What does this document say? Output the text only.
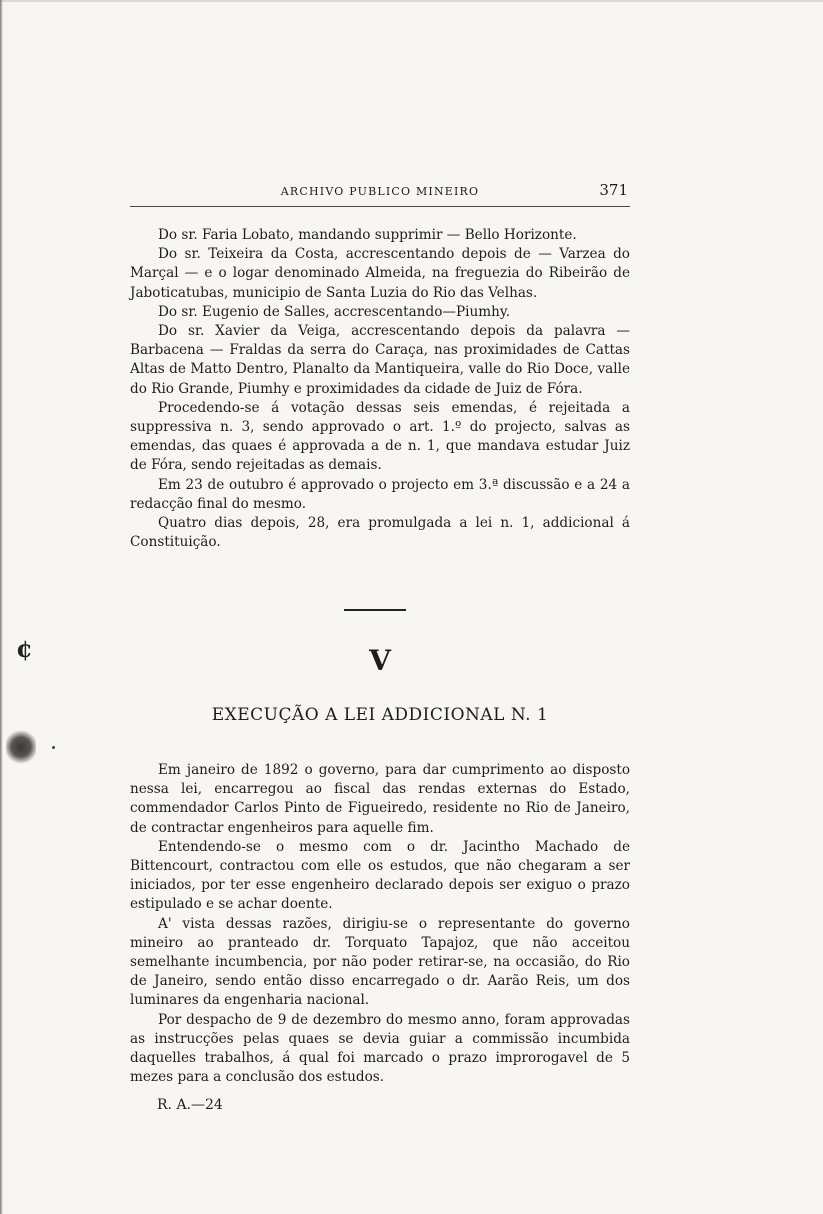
ARCHIVO PUBLICO MINEIRO	371

Do sr. Faria Lobato, mandando supprimir — Bello Horizonte.

Do sr. Teixeira da Costa, accrescentando depois de — Varzea do Marçal — e o logar denominado Almeida, na freguezia do Ribeirão de Jaboticatubas, municipio de Santa Luzia do Rio das Velhas.

Do sr. Eugenio de Salles, accrescentando—Piumhy.

Do sr. Xavier da Veiga, accrescentando depois da palavra — Barbacena — Fraldas da serra do Caraça, nas proximidades de Cattas Altas de Matto Dentro, Planalto da Mantiqueira, valle do Rio Doce, valle do Rio Grande, Piumhy e proximidades da cidade de Juiz de Fóra.

Procedendo-se á votação dessas seis emendas, é rejeitada a suppressiva n. 3, sendo approvado o art. 1.º do projecto, salvas as emendas, das quaes é approvada a de n. 1, que mandava estudar Juiz de Fóra, sendo rejeitadas as demais.

Em 23 de outubro é approvado o projecto em 3.ª discussão e a 24 a redacção final do mesmo.

Quatro dias depois, 28, era promulgada a lei n. 1, addicional á Constituição.

V
EXECUÇÃO A LEI ADDICIONAL N. 1

Em janeiro de 1892 o governo, para dar cumprimento ao disposto nessa lei, encarregou ao fiscal das rendas externas do Estado, commendador Carlos Pinto de Figueiredo, residente no Rio de Janeiro, de contractar engenheiros para aquelle fim.

Entendendo-se o mesmo com o dr. Jacintho Machado de Bittencourt, contractou com elle os estudos, que não chegaram a ser iniciados, por ter esse engenheiro declarado depois ser exiguo o prazo estipulado e se achar doente.

A' vista dessas razões, dirigiu-se o representante do governo mineiro ao pranteado dr. Torquato Tapajoz, que não acceitou semelhante incumbencia, por não poder retirar-se, na occasião, do Rio de Janeiro, sendo então disso encarregado o dr. Aarão Reis, um dos luminares da engenharia nacional.

Por despacho de 9 de dezembro do mesmo anno, foram approvadas as instrucções pelas quaes se devia guiar a commissão incumbida daquelles trabalhos, á qual foi marcado o prazo improrogavel de 5 mezes para a conclusão dos estudos.

R. A.—24
¢
